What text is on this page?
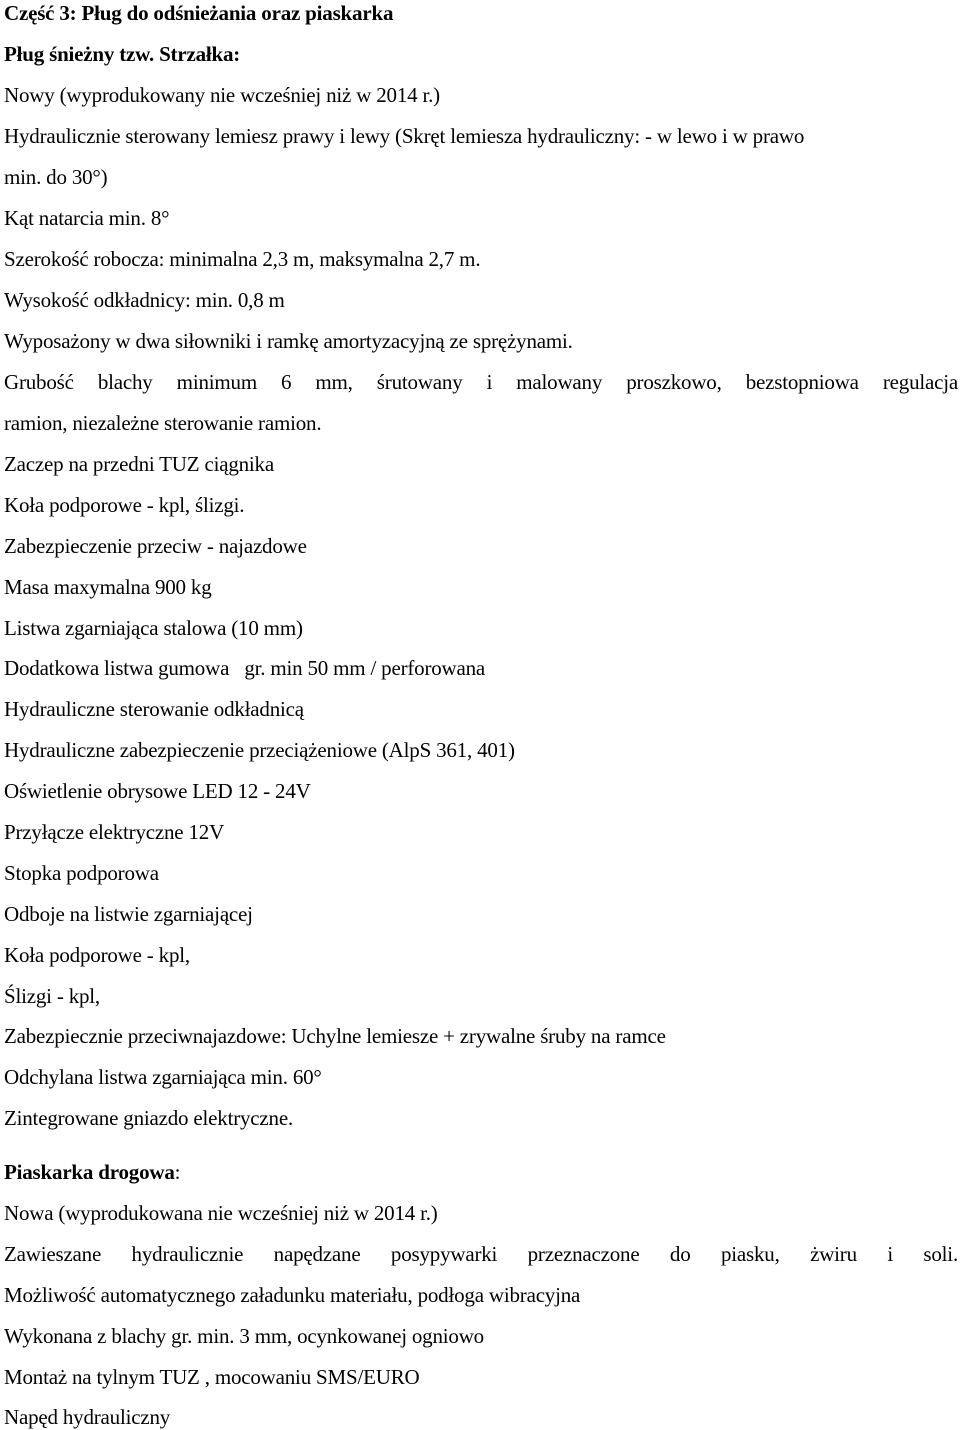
Część 3: Pług do odśnieżania oraz piaskarka

Pług śnieżny tzw. Strzałka:

Nowy (wyprodukowany nie wcześniej niż w 2014 r.)

Hydraulicznie sterowany lemiesz prawy i lewy (Skręt lemiesza hydrauliczny: - w lewo i w prawo

min. do 30°)

Kąt natarcia min. 8°

Szerokość robocza: minimalna 2,3 m, maksymalna 2,7 m.

Wysokość odkładnicy: min. 0,8 m

Wyposażony w dwa siłowniki i ramkę amortyzacyjną ze sprężynami.

Grubość blachy minimum 6 mm, śrutowany i malowany proszkowo, bezstopniowa regulacja

ramion, niezależne sterowanie ramion.

Zaczep na przedni TUZ ciągnika

Koła podporowe - kpl, ślizgi.

Zabezpieczenie przeciw - najazdowe

Masa maxymalna 900 kg

Listwa zgarniająca stalowa (10 mm)

Dodatkowa listwa gumowa   gr. min 50 mm / perforowana

Hydrauliczne sterowanie odkładnicą

Hydrauliczne zabezpieczenie przeciążeniowe (AlpS 361, 401)

Oświetlenie obrysowe LED 12 - 24V

Przyłącze elektryczne 12V

Stopka podporowa

Odboje na listwie zgarniającej

Koła podporowe - kpl,

Ślizgi - kpl,

Zabezpiecznie przeciwnajazdowe: Uchylne lemiesze + zrywalne śruby na ramce

Odchylana listwa zgarniająca min. 60°

Zintegrowane gniazdo elektryczne.

Piaskarka drogowa:

Nowa (wyprodukowana nie wcześniej niż w 2014 r.)

Zawieszane hydraulicznie napędzane posypywarki przeznaczone do piasku, żwiru i soli.

Możliwość automatycznego załadunku materiału, podłoga wibracyjna

Wykonana z blachy gr. min. 3 mm, ocynkowanej ogniowo

Montaż na tylnym TUZ , mocowaniu SMS/EURO

Napęd hydrauliczny
